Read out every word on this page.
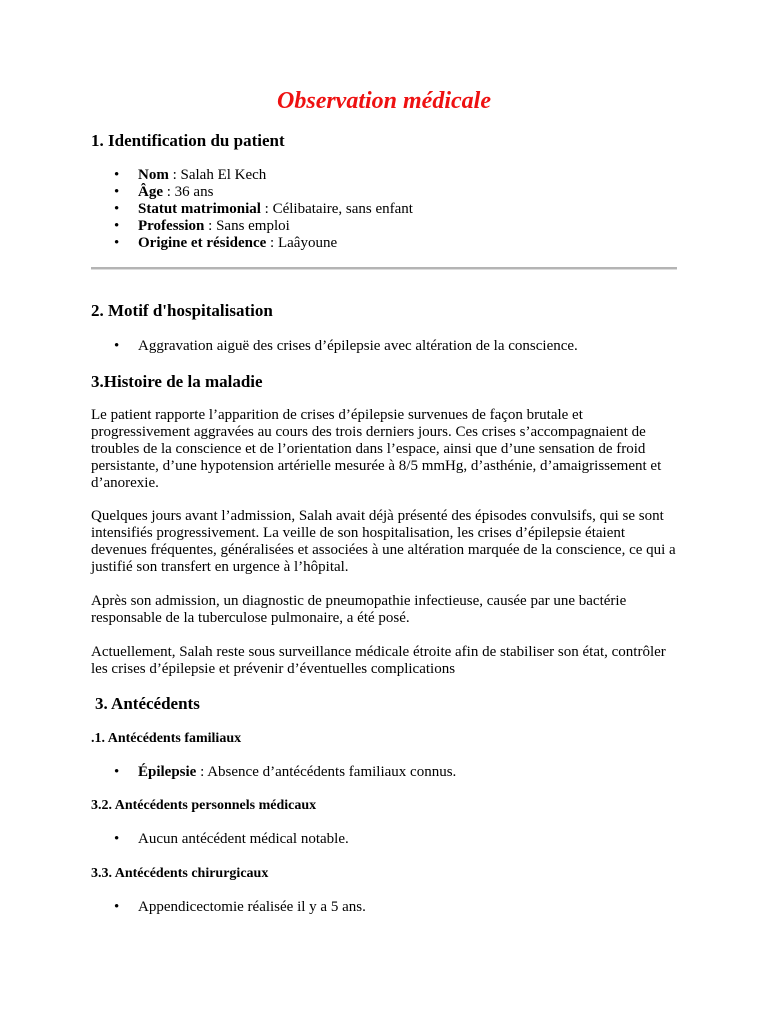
Observation médicale
1. Identification du patient
• Nom : Salah El Kech
• Âge : 36 ans
• Statut matrimonial : Célibataire, sans enfant
• Profession : Sans emploi
• Origine et résidence : Laâyoune
2. Motif d'hospitalisation
• Aggravation aiguë des crises d’épilepsie avec altération de la conscience.
3.Histoire de la maladie

Le patient rapporte l’apparition de crises d’épilepsie survenues de façon brutale et progressivement aggravées au cours des trois derniers jours. Ces crises s’accompagnaient de troubles de la conscience et de l’orientation dans l’espace, ainsi que d’une sensation de froid persistante, d’une hypotension artérielle mesurée à 8/5 mmHg, d’asthénie, d’amaigrissement et d’anorexie.

Quelques jours avant l’admission, Salah avait déjà présenté des épisodes convulsifs, qui se sont intensifiés progressivement. La veille de son hospitalisation, les crises d’épilepsie étaient devenues fréquentes, généralisées et associées à une altération marquée de la conscience, ce qui a justifié son transfert en urgence à l’hôpital.

Après son admission, un diagnostic de pneumopathie infectieuse, causée par une bactérie responsable de la tuberculose pulmonaire, a été posé.

Actuellement, Salah reste sous surveillance médicale étroite afin de stabiliser son état, contrôler les crises d’épilepsie et prévenir d’éventuelles complications

3. Antécédents
.1. Antécédents familiaux
• Épilepsie : Absence d’antécédents familiaux connus.
3.2. Antécédents personnels médicaux
• Aucun antécédent médical notable.
3.3. Antécédents chirurgicaux
• Appendicectomie réalisée il y a 5 ans.
